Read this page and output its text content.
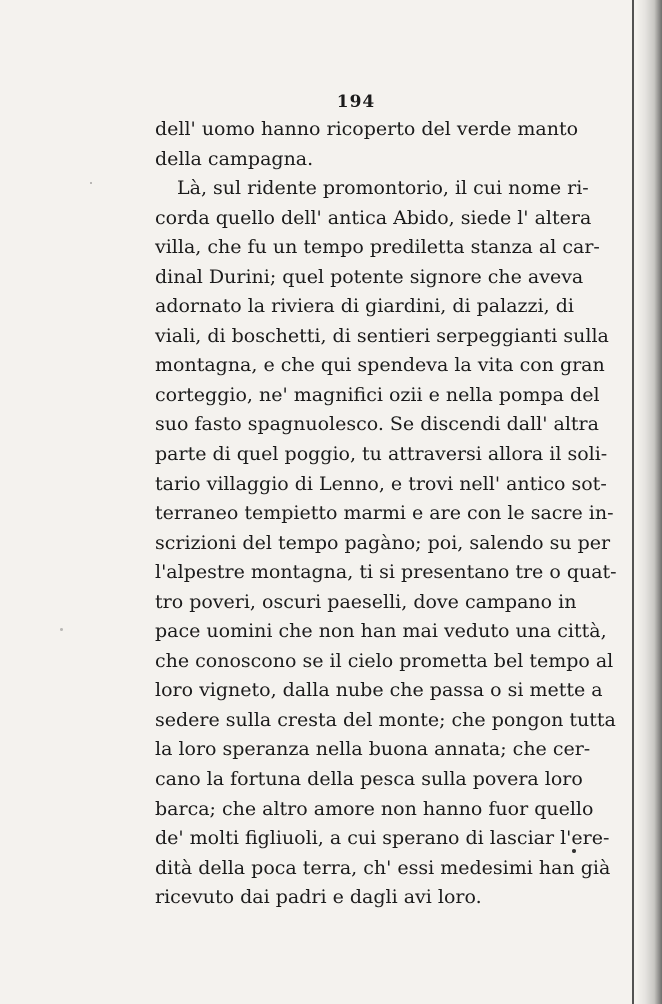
194
dell' uomo hanno ricoperto del verde manto
della campagna.
Là, sul ridente promontorio, il cui nome ri-
corda quello dell' antica Abido, siede l' altera
villa, che fu un tempo prediletta stanza al car-
dinal Durini; quel potente signore che aveva
adornato la riviera di giardini, di palazzi, di
viali, di boschetti, di sentieri serpeggianti sulla
montagna, e che qui spendeva la vita con gran
corteggio, ne' magnifici ozii e nella pompa del
suo fasto spagnuolesco. Se discendi dall' altra
parte di quel poggio, tu attraversi allora il soli-
tario villaggio di Lenno, e trovi nell' antico sot-
terraneo tempietto marmi e are con le sacre in-
scrizioni del tempo pagàno; poi, salendo su per
l'alpestre montagna, ti si presentano tre o quat-
tro poveri, oscuri paeselli, dove campano in
pace uomini che non han mai veduto una città,
che conoscono se il cielo prometta bel tempo al
loro vigneto, dalla nube che passa o si mette a
sedere sulla cresta del monte; che pongon tutta
la loro speranza nella buona annata; che cer-
cano la fortuna della pesca sulla povera loro
barca; che altro amore non hanno fuor quello
de' molti figliuoli, a cui sperano di lasciar l'ere-
dità della poca terra, ch' essi medesimi han già
ricevuto dai padri e dagli avi loro.
